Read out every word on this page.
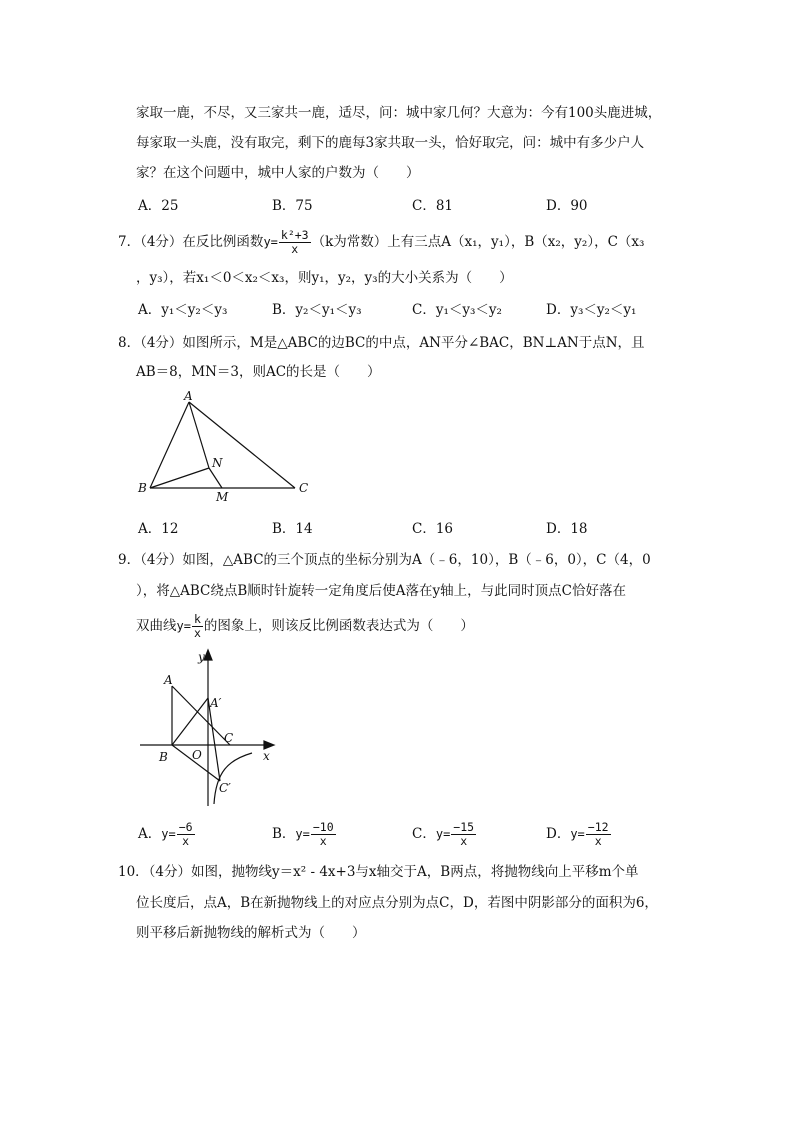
家取一鹿，不尽，又三家共一鹿，适尽，问：城中家几何？大意为：今有100头鹿进城，
每家取一头鹿，没有取完，剩下的鹿每3家共取一头，恰好取完，问：城中有多少户人
家？在这个问题中，城中人家的户数为（　　）
A．25	B．75	C．81	D．90
7．（4分）在反比例函数$y= \frac{\text{k²+3}}{x} (k$为常数）上有三点A（x₁，y₁），B（x₂，y₂），C（x₃
，y₃），若x₁＜0＜x₂＜x₃，则y₁，y₂，y₃的大小关系为（　　）
A．y₁＜y₂＜y₃	B．y₂＜y₁＜y₃	C．y₁＜y₃＜y₂	D．y₃＜y₂＜y₁
8．（4分）如图所示，M是△ABC的边BC的中点，AN平分∠BAC，BN⊥AN于点N，且
AB＝8，MN＝3，则AC的长是（　　）
A
B	C
N
M
A．12	B．14	C．16	D．18
9．（4分）如图，△ABC的三个顶点的坐标分别为A（﹣6，10），B（﹣6，0），C（4，0
），将△ABC绕点B顺时针旋转一定角度后使A落在y轴上，与此同时顶点C恰好落在
双曲线$y= \frac{k}{x}$ 的图象上，则该反比例函数表达式为（　　）
y
x
A
A′
C
O
B
C′
A．$y= \frac{-6}{x}$	B．$y= \frac{-10}{x}$	C．$y= \frac{-15}{x}$	D．$y= \frac{-12}{x}$
10．（4分）如图，抛物线y＝x² - 4x+3与x轴交于A，B两点，将抛物线向上平移m个单
位长度后，点A，B在新抛物线上的对应点分别为点C，D，若图中阴影部分的面积为6，
则平移后新抛物线的解析式为（　　）
